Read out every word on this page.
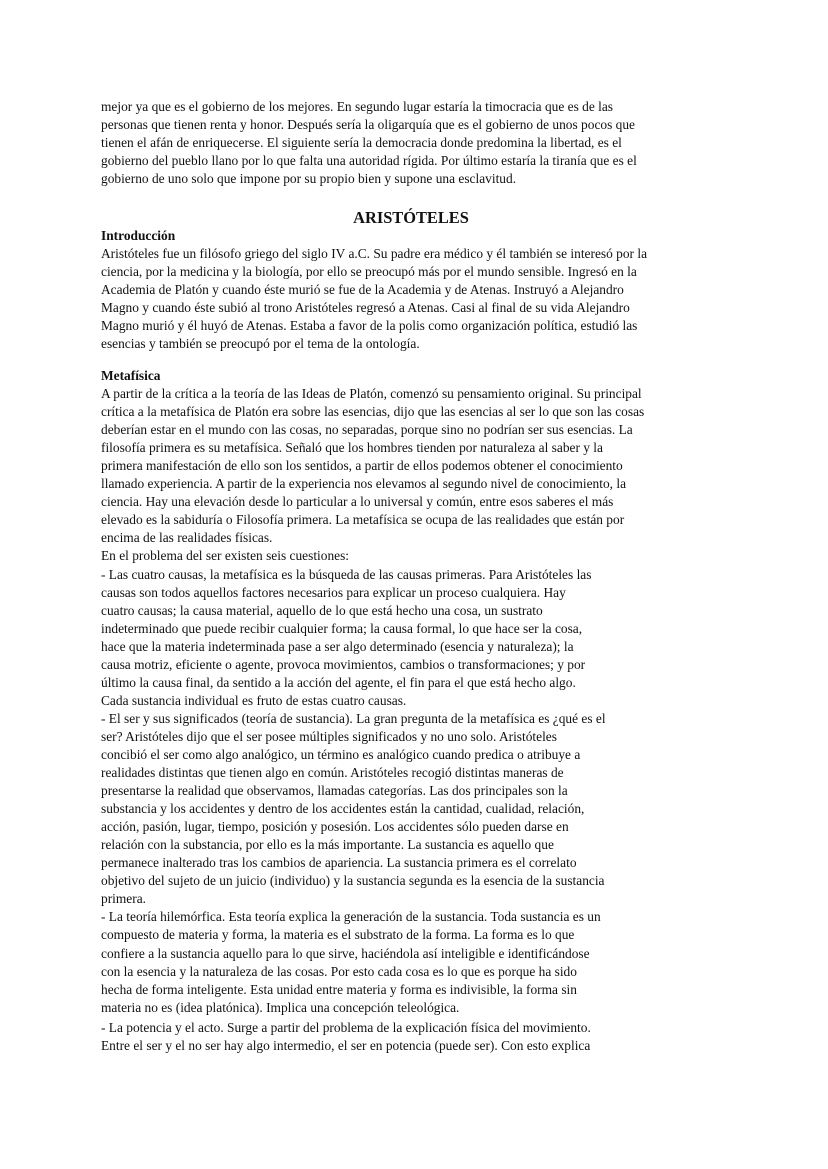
mejor ya que es el gobierno de los mejores. En segundo lugar estaría la timocracia que es de las
personas que tienen renta y honor. Después sería la oligarquía que es el gobierno de unos pocos que
tienen el afán de enriquecerse. El siguiente sería la democracia donde predomina la libertad, es el
gobierno del pueblo llano por lo que falta una autoridad rígida. Por último estaría la tiranía que es el
gobierno de uno solo que impone por su propio bien y supone una esclavitud.
ARISTÓTELES
Introducción
Aristóteles fue un filósofo griego del siglo IV a.C. Su padre era médico y él también se interesó por la
ciencia, por la medicina y la biología, por ello se preocupó más por el mundo sensible. Ingresó en la
Academia de Platón y cuando éste murió se fue de la Academia y de Atenas. Instruyó a Alejandro
Magno y cuando éste subió al trono Aristóteles regresó a Atenas. Casi al final de su vida Alejandro
Magno murió y él huyó de Atenas. Estaba a favor de la polis como organización política, estudió las
esencias y también se preocupó por el tema de la ontología.
Metafísica
A partir de la crítica a la teoría de las Ideas de Platón, comenzó su pensamiento original. Su principal
crítica a la metafísica de Platón era sobre las esencias, dijo que las esencias al ser lo que son las cosas
deberían estar en el mundo con las cosas, no separadas, porque sino no podrían ser sus esencias. La
filosofía primera es su metafísica. Señaló que los hombres tienden por naturaleza al saber y la
primera manifestación de ello son los sentidos, a partir de ellos podemos obtener el conocimiento
llamado experiencia. A partir de la experiencia nos elevamos al segundo nivel de conocimiento, la
ciencia. Hay una elevación desde lo particular a lo universal y común, entre esos saberes el más
elevado es la sabiduría o Filosofía primera. La metafísica se ocupa de las realidades que están por
encima de las realidades físicas.
En el problema del ser existen seis cuestiones:
- Las cuatro causas, la metafísica es la búsqueda de las causas primeras. Para Aristóteles las
causas son todos aquellos factores necesarios para explicar un proceso cualquiera. Hay
cuatro causas; la causa material, aquello de lo que está hecho una cosa, un sustrato
indeterminado que puede recibir cualquier forma; la causa formal, lo que hace ser la cosa,
hace que la materia indeterminada pase a ser algo determinado (esencia y naturaleza); la
causa motriz, eficiente o agente, provoca movimientos, cambios o transformaciones; y por
último la causa final, da sentido a la acción del agente, el fin para el que está hecho algo.
Cada sustancia individual es fruto de estas cuatro causas.
- El ser y sus significados (teoría de sustancia). La gran pregunta de la metafísica es ¿qué es el
ser? Aristóteles dijo que el ser posee múltiples significados y no uno solo. Aristóteles
concibió el ser como algo analógico, un término es analógico cuando predica o atribuye a
realidades distintas que tienen algo en común. Aristóteles recogió distintas maneras de
presentarse la realidad que observamos, llamadas categorías. Las dos principales son la
substancia y los accidentes y dentro de los accidentes están la cantidad, cualidad, relación,
acción, pasión, lugar, tiempo, posición y posesión. Los accidentes sólo pueden darse en
relación con la substancia, por ello es la más importante. La sustancia es aquello que
permanece inalterado tras los cambios de apariencia. La sustancia primera es el correlato
objetivo del sujeto de un juicio (individuo) y la sustancia segunda es la esencia de la sustancia
primera.
- La teoría hilemórfica. Esta teoría explica la generación de la sustancia. Toda sustancia es un
compuesto de materia y forma, la materia es el substrato de la forma. La forma es lo que
confiere a la sustancia aquello para lo que sirve, haciéndola así inteligible e identificándose
con la esencia y la naturaleza de las cosas. Por esto cada cosa es lo que es porque ha sido
hecha de forma inteligente. Esta unidad entre materia y forma es indivisible, la forma sin
materia no es (idea platónica). Implica una concepción teleológica.
- La potencia y el acto. Surge a partir del problema de la explicación física del movimiento.
Entre el ser y el no ser hay algo intermedio, el ser en potencia (puede ser). Con esto explica
